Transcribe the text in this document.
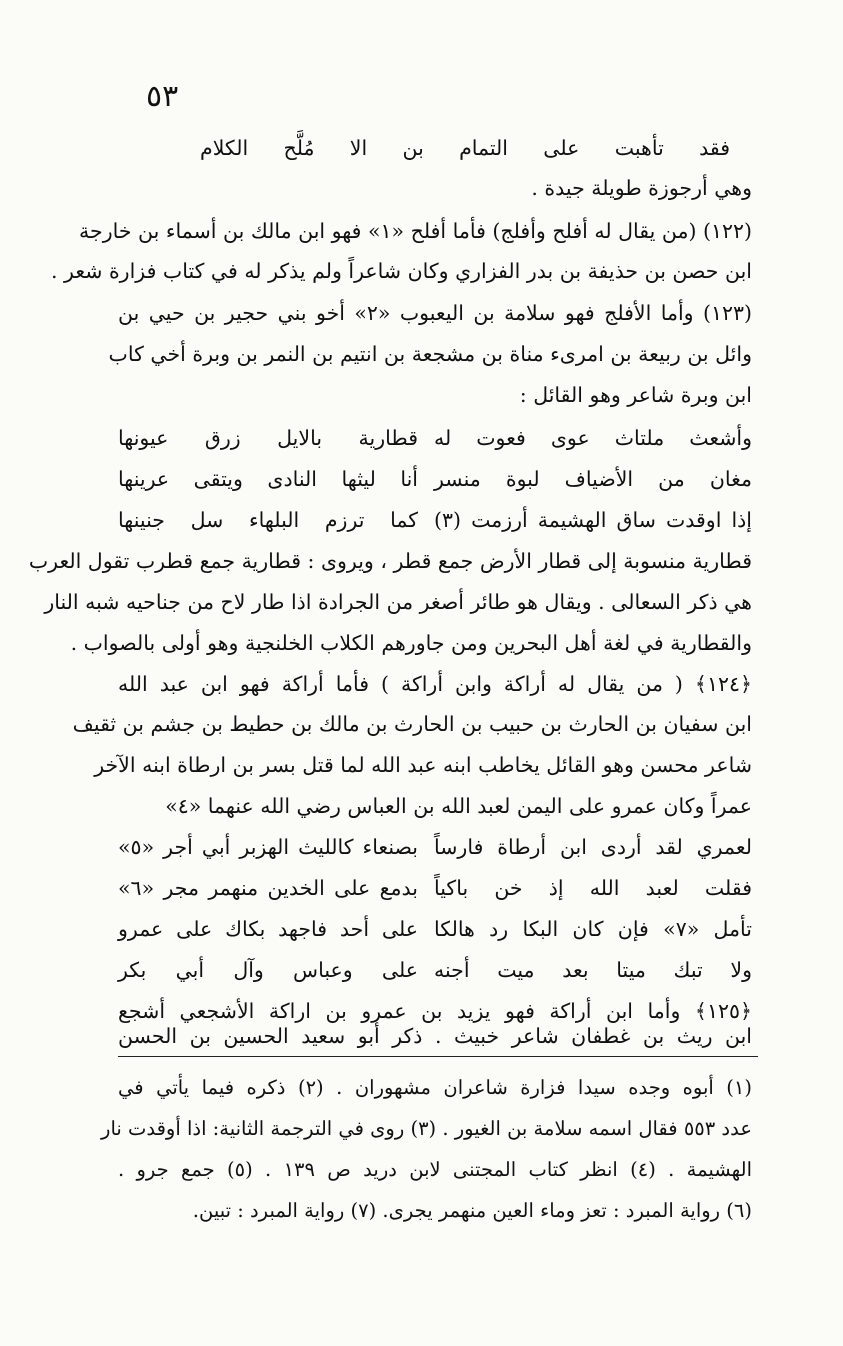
٥٣
فقد تأهبت على التمام بن الا مُلَّح الكلام
وهي أرجوزة طويلة جيدة .
(١٢٢) (من يقال له أفلح وأفلج) فأما أفلح «١» فهو ابن مالك بن أسماء بن خارجة
ابن حصن بن حذيفة بن بدر الفزاري وكان شاعراً ولم يذكر له في كتاب فزارة شعر .
(١٢٣) وأما الأفلج فهو سلامة بن اليعبوب «٢» أخو بني حجير بن حيي بن
وائل بن ربيعة بن امرىء مناة بن مشجعة بن انتيم بن النمر بن وبرة أخي كاب
ابن وبرة شاعر وهو القائل :
وأشعث ملتاث عوى فعوت له
قطارية بالايل زرق عيونها
مغان من الأضياف لبوة منسر
أنا ليثها النادى ويتقى عرينها
إذا اوقدت ساق الهشيمة أرزمت (٣)
كما ترزم البلهاء سل جنينها
قطارية منسوبة إلى قطار الأرض جمع قطر ، ويروى : قطارية جمع قطرب تقول العرب
هي ذكر السعالى . ويقال هو طائر أصغر من الجرادة اذا طار لاح من جناحيه شبه النار
والقطارية في لغة أهل البحرين ومن جاورهم الكلاب الخلنجية وهو أولى بالصواب .
﴿١٢٤﴾ ( من يقال له أراكة وابن أراكة ) فأما أراكة فهو ابن عبد الله
ابن سفيان بن الحارث بن حبيب بن الحارث بن مالك بن حطيط بن جشم بن ثقيف
شاعر محسن وهو القائل يخاطب ابنه عبد الله لما قتل بسر بن ارطاة ابنه الآخر
عمراً وكان عمرو على اليمن لعبد الله بن العباس رضي الله عنهما «٤»
لعمري لقد أردى ابن أرطاة فارساً
بصنعاء كالليث الهزبر أبي أجر «٥»
فقلت لعبد الله إذ خن باكياً
بدمع على الخدين منهمر مجر «٦»
تأمل «٧» فإن كان البكا رد هالكا
على أحد فاجهد بكاك على عمرو
ولا تبك ميتا بعد ميت أجنه
على وعباس وآل أبي بكر
﴿١٢٥﴾ وأما ابن أراكة فهو يزيد بن عمرو بن اراكة الأشجعي أشجع
ابن ريث بن غطفان شاعر خبيث . ذكر أبو سعيد الحسين بن الحسن
(١) أبوه وجده سيدا فزارة شاعران مشهوران . (٢) ذكره فيما يأتي في
عدد ٥٥٣ فقال اسمه سلامة بن الغيور . (٣) روى في الترجمة الثانية: اذا أوقدت نار
الهشيمة . (٤) انظر كتاب المجتنى لابن دريد ص ١٣٩ . (٥) جمع جرو .
(٦) رواية المبرد : تعز وماء العين منهمر يجرى. (٧) رواية المبرد : تبين.
